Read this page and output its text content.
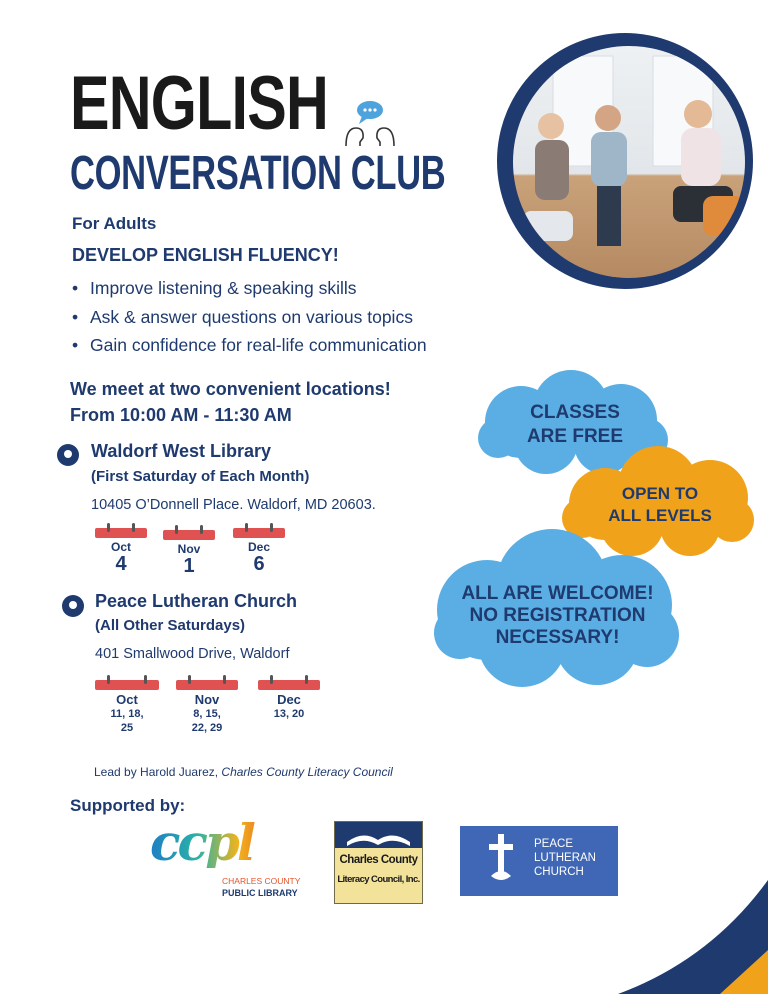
ENGLISH
CONVERSATION CLUB
For Adults
DEVELOP ENGLISH FLUENCY!
• Improve listening & speaking skills
• Ask & answer questions on various topics
• Gain confidence for real-life communication
We meet at two convenient locations!
From 10:00 AM - 11:30 AM
Waldorf West Library
(First Saturday of Each Month)
10405 O’Donnell Place. Waldorf, MD 20603.
Oct
4
Nov
1
Dec
6
Peace Lutheran Church
(All Other Saturdays)
401 Smallwood Drive, Waldorf
Oct
11, 18,
25
Nov
8, 15,
22, 29
Dec
13, 20
CLASSES
ARE FREE
OPEN TO
ALL LEVELS
ALL ARE WELCOME!
NO REGISTRATION
NECESSARY!
Lead by Harold Juarez, Charles County Literacy Council
Supported by:
ccpl
CHARLES COUNTY
PUBLIC LIBRARY
Charles County
Literacy Council, Inc.
PEACE
LUTHERAN
CHURCH
